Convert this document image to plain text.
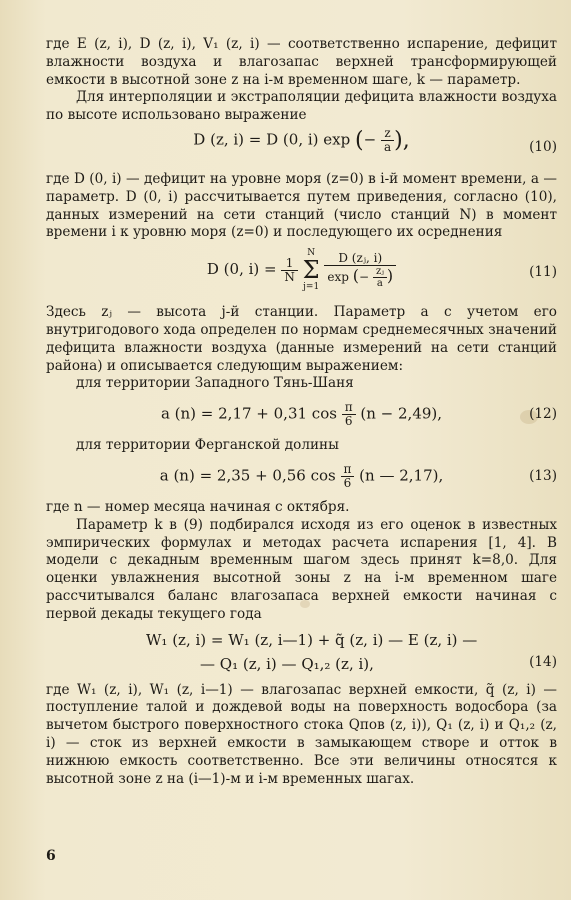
где E (z, i), D (z, i), V₁ (z, i) — соответственно испарение, дефицит влажности воздуха и влагозапас верхней трансформирующей емкости в высотной зоне z на i-м временном шаге, k — параметр.

Для интерполяции и экстраполяции дефицита влажности воздуха по высоте использовано выражение

D (z, i) = D (0, i) exp (− $\frac{z}{a}$ ),	(10)

где D (0, i) — дефицит на уровне моря (z=0) в i-й момент времени, a — параметр. D (0, i) рассчитывается путем приведения, согласно (10), данных измерений на сети станций (число станций N) в момент времени i к уровню моря (z=0) и последующего их осреднения

D (0, $i) = \frac{1}{N}$
N
Σ
j=1
D (zⱼ, i)
exp (− $\frac{\text{zⱼ}}{a}$ )	(11)

Здесь zⱼ — высота j-й станции. Параметр a с учетом его внутригодового хода определен по нормам среднемесячных значений дефицита влажности воздуха (данные измерений на сети станций района) и описывается следующим выражением:

для территории Западного Тянь-Шаня

a (n) = 2,17 + 0,31 $\cos \frac{\pi}{6} (n - 2,49)$,	(12)

для территории Ферганской долины

a (n) = 2,35 + 0,56 $\cos \frac{\pi}{6} (n$ — 2,17),	(13)

где n — номер месяца начиная с октября.

Параметр k в (9) подбирался исходя из его оценок в известных эмпирических формулах и методах расчета испарения [1, 4]. В модели с декадным временным шагом здесь принят k=8,0. Для оценки увлажнения высотной зоны z на i-м временном шаге рассчитывался баланс влагозапаса верхней емкости начиная с первой декады текущего года

W₁ (z, i) = W₁ (z, i—1) + q̃ (z, i) — E (z, i) —
— Q₁ (z, i) — Q₁,₂ (z, i),	(14)

где W₁ (z, i), W₁ (z, i—1) — влагозапас верхней емкости, q̃ (z, i) — поступление талой и дождевой воды на поверхность водосбора (за вычетом быстрого поверхностного стока Qпов (z, i)), Q₁ (z, i) и Q₁,₂ (z, i) — сток из верхней емкости в замыкающем створе и отток в нижнюю емкость соответственно. Все эти величины относятся к высотной зоне z на (i—1)-м и i-м временных шагах.

6
